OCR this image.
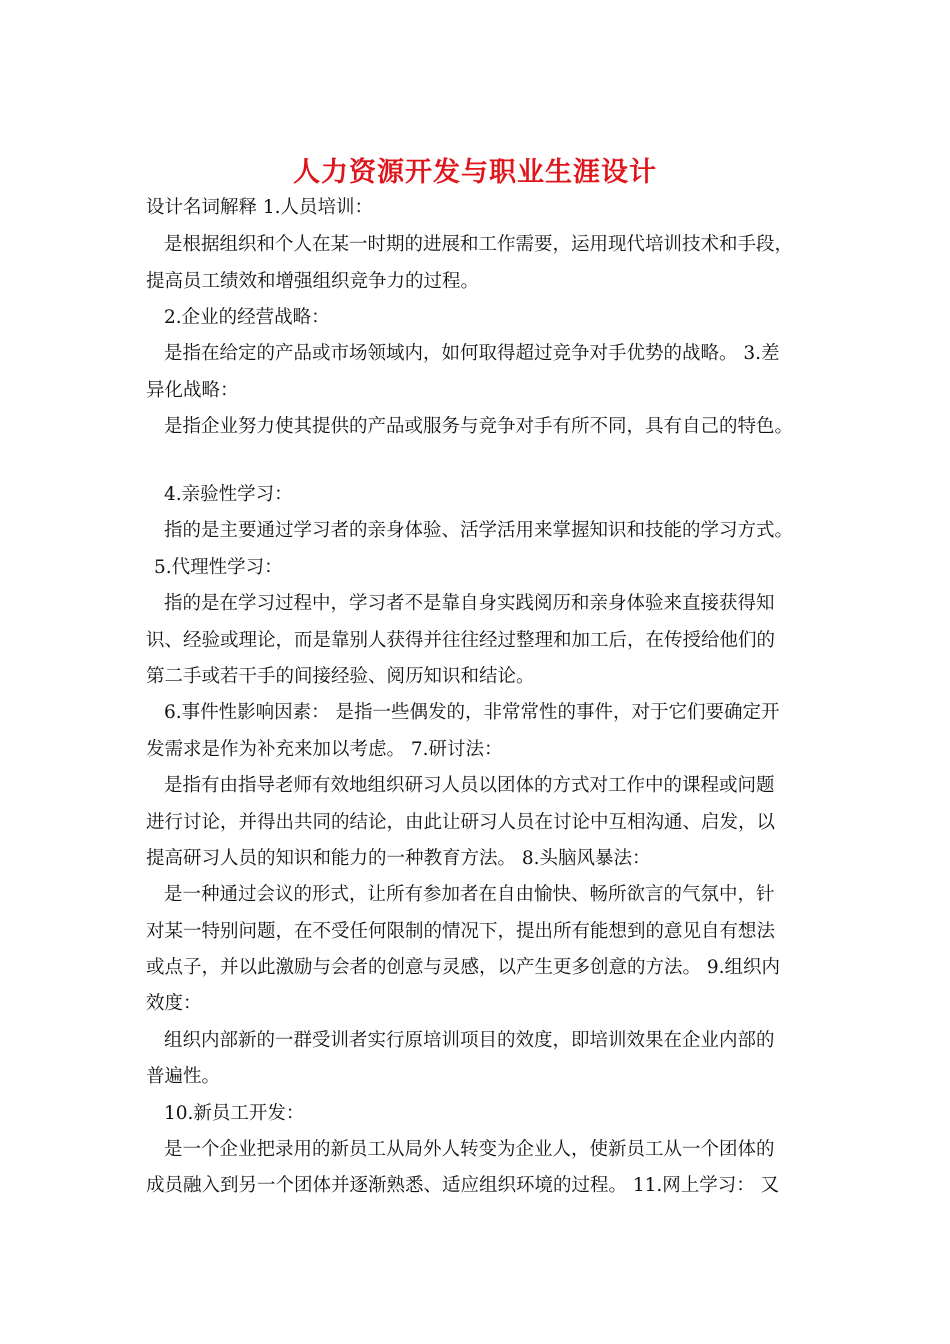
人力资源开发与职业生涯设计
设计名词解释 1.人员培训：
是根据组织和个人在某一时期的进展和工作需要，运用现代培训技术和手段，
提高员工绩效和增强组织竞争力的过程。
2.企业的经营战略：
是指在给定的产品或市场领域内，如何取得超过竞争对手优势的战略。 3.差
异化战略：
是指企业努力使其提供的产品或服务与竞争对手有所不同，具有自己的特色。
4.亲验性学习：
指的是主要通过学习者的亲身体验、活学活用来掌握知识和技能的学习方式。
5.代理性学习：
指的是在学习过程中，学习者不是靠自身实践阅历和亲身体验来直接获得知
识、经验或理论，而是靠别人获得并往往经过整理和加工后，在传授给他们的
第二手或若干手的间接经验、阅历知识和结论。
6.事件性影响因素： 是指一些偶发的，非常常性的事件，对于它们要确定开
发需求是作为补充来加以考虑。 7.研讨法：
是指有由指导老师有效地组织研习人员以团体的方式对工作中的课程或问题
进行讨论，并得出共同的结论，由此让研习人员在讨论中互相沟通、启发，以
提高研习人员的知识和能力的一种教育方法。 8.头脑风暴法：
是一种通过会议的形式，让所有参加者在自由愉快、畅所欲言的气氛中，针
对某一特别问题，在不受任何限制的情况下，提出所有能想到的意见自有想法
或点子，并以此激励与会者的创意与灵感，以产生更多创意的方法。 9.组织内
效度：
组织内部新的一群受训者实行原培训项目的效度，即培训效果在企业内部的
普遍性。
10.新员工开发：
是一个企业把录用的新员工从局外人转变为企业人，使新员工从一个团体的
成员融入到另一个团体并逐渐熟悉、适应组织环境的过程。 11.网上学习： 又
